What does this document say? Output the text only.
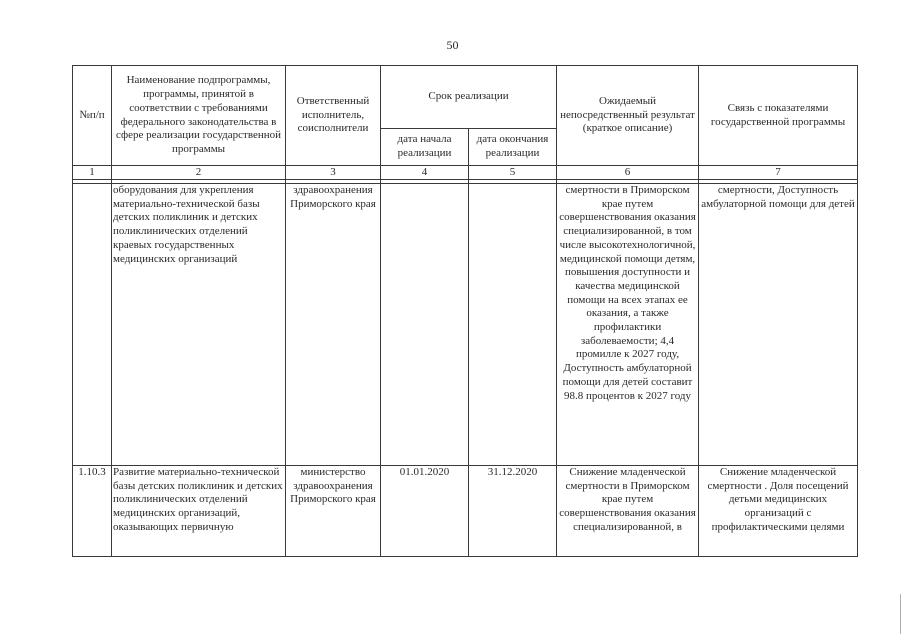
50
№п/п	Наименование подпрограммы, программы, принятой в соответствии с требованиями федерального законодательства в сфере реализации государственной программы	Ответственный исполнитель, соисполнители	Срок реализации		Ожидаемый непосредственный результат (краткое описание)	Связь с показателями государственной программы
			дата начала реализации	дата окончания реализации		
1	2	3	4	5	6	7

	оборудования для укрепления материально-технической базы детских поликлиник и детских поликлинических отделений краевых государственных медицинских организаций	здравоохранения Приморского края			смертности в Приморском крае путем совершенствования оказания специализированной, в том числе высокотехнологичной, медицинской помощи детям, повышения доступности и качества медицинской помощи на всех этапах ее оказания, а также профилактики заболеваемости; 4,4 промилле к 2027 году, Доступность амбулаторной помощи для детей составит 98.8 процентов к 2027 году	смертности, Доступность амбулаторной помощи для детей
1.10.3	Развитие материально-технической базы детских поликлиник и детских поликлинических отделений медицинских организаций, оказывающих первичную	министерство здравоохранения Приморского края	01.01.2020	31.12.2020	Снижение младенческой смертности в Приморском крае путем совершенствования оказания специализированной, в	Снижение младенческой смертности . Доля посещений детьми медицинских организаций с профилактическими целями
